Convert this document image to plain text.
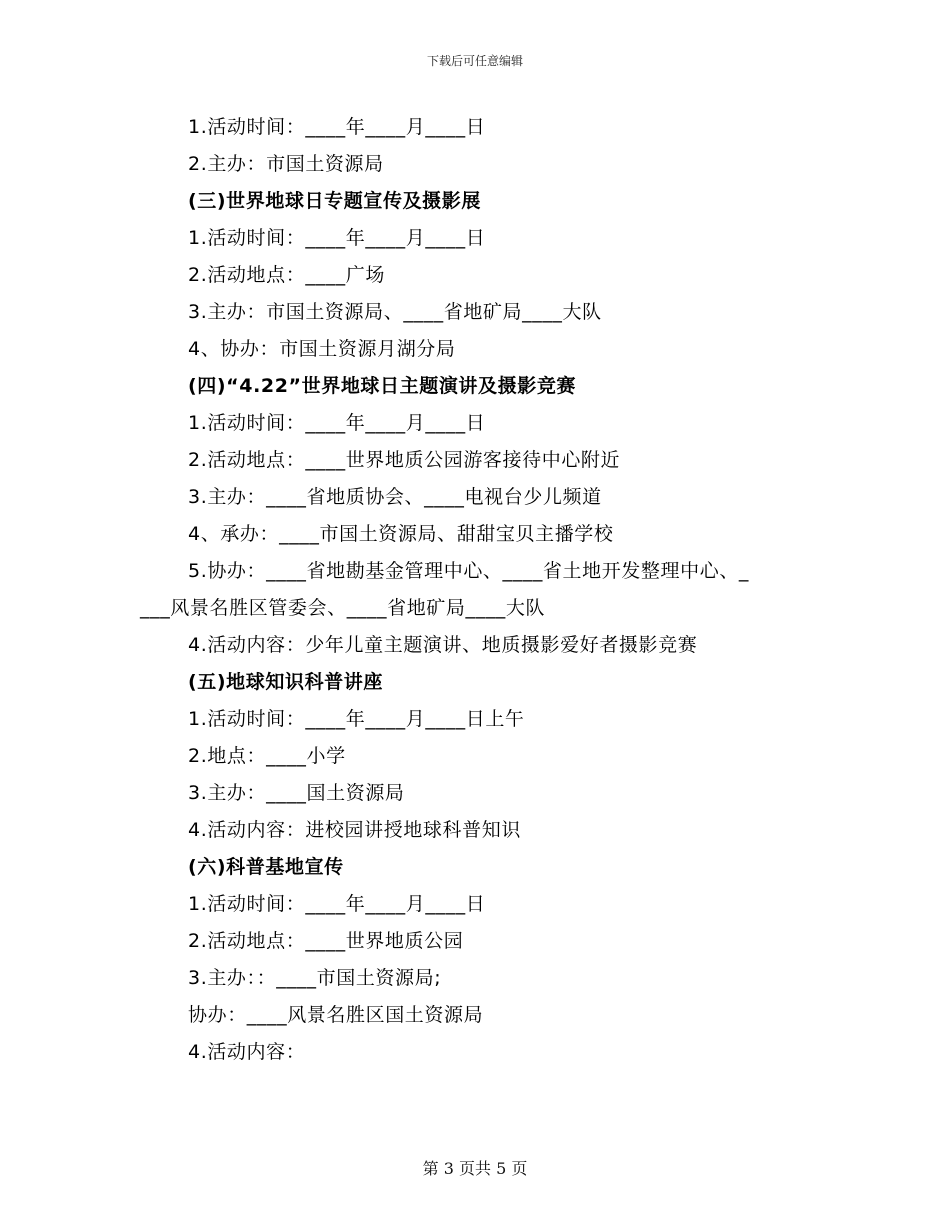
下载后可任意编辑
1.活动时间：____年____月____日
2.主办：市国土资源局
(三)世界地球日专题宣传及摄影展
1.活动时间：____年____月____日
2.活动地点：____广场
3.主办：市国土资源局、____省地矿局____大队
4、协办：市国土资源月湖分局
(四)“4.22”世界地球日主题演讲及摄影竞赛
1.活动时间：____年____月____日
2.活动地点：____世界地质公园游客接待中心附近
3.主办：____省地质协会、____电视台少儿频道
4、承办：____市国土资源局、甜甜宝贝主播学校
5.协办：____省地勘基金管理中心、____省土地开发整理中心、_
___风景名胜区管委会、____省地矿局____大队
4.活动内容：少年儿童主题演讲、地质摄影爱好者摄影竞赛
(五)地球知识科普讲座
1.活动时间：____年____月____日上午
2.地点：____小学
3.主办：____国土资源局
4.活动内容：进校园讲授地球科普知识
(六)科普基地宣传
1.活动时间：____年____月____日
2.活动地点：____世界地质公园
3.主办：：____市国土资源局;
协办：____风景名胜区国土资源局
4.活动内容：
第 3 页共 5 页
